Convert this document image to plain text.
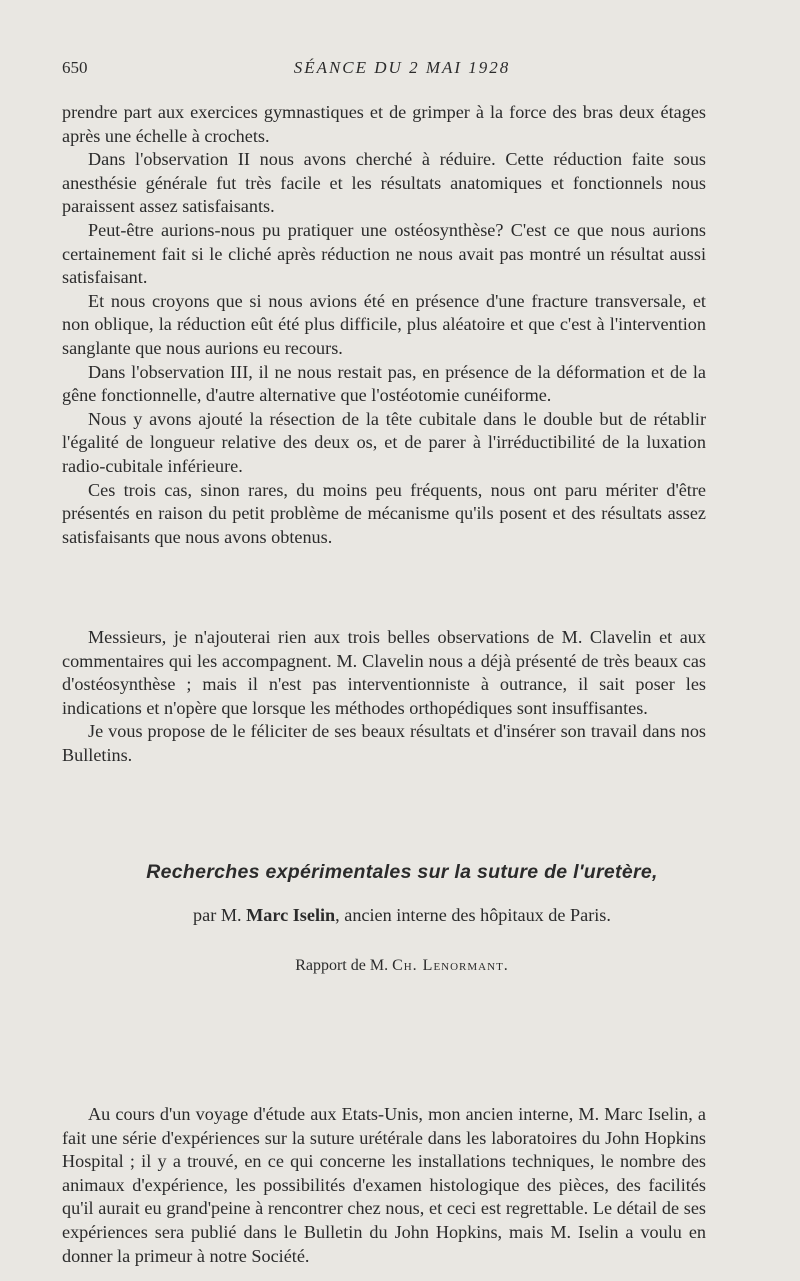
650	SÉANCE DU 2 MAI 1928

prendre part aux exercices gymnastiques et de grimper à la force des bras deux étages après une échelle à crochets.

Dans l'observation II nous avons cherché à réduire. Cette réduction faite sous anesthésie générale fut très facile et les résultats anatomiques et fonctionnels nous paraissent assez satisfaisants.

Peut-être aurions-nous pu pratiquer une ostéosynthèse? C'est ce que nous aurions certainement fait si le cliché après réduction ne nous avait pas montré un résultat aussi satisfaisant.

Et nous croyons que si nous avions été en présence d'une fracture transversale, et non oblique, la réduction eût été plus difficile, plus aléatoire et que c'est à l'intervention sanglante que nous aurions eu recours.

Dans l'observation III, il ne nous restait pas, en présence de la déformation et de la gêne fonctionnelle, d'autre alternative que l'ostéotomie cunéiforme.

Nous y avons ajouté la résection de la tête cubitale dans le double but de rétablir l'égalité de longueur relative des deux os, et de parer à l'irréductibilité de la luxation radio-cubitale inférieure.

Ces trois cas, sinon rares, du moins peu fréquents, nous ont paru mériter d'être présentés en raison du petit problème de mécanisme qu'ils posent et des résultats assez satisfaisants que nous avons obtenus.

Messieurs, je n'ajouterai rien aux trois belles observations de M. Clavelin et aux commentaires qui les accompagnent. M. Clavelin nous a déjà présenté de très beaux cas d'ostéosynthèse ; mais il n'est pas interventionniste à outrance, il sait poser les indications et n'opère que lorsque les méthodes orthopédiques sont insuffisantes.

Je vous propose de le féliciter de ses beaux résultats et d'insérer son travail dans nos Bulletins.

Recherches expérimentales sur la suture de l'uretère,
par M. Marc Iselin, ancien interne des hôpitaux de Paris.
Rapport de M. Ch. Lenormant.

Au cours d'un voyage d'étude aux Etats-Unis, mon ancien interne, M. Marc Iselin, a fait une série d'expériences sur la suture urétérale dans les laboratoires du John Hopkins Hospital ; il y a trouvé, en ce qui concerne les installations techniques, le nombre des animaux d'expérience, les possibilités d'examen histologique des pièces, des facilités qu'il aurait eu grand'peine à rencontrer chez nous, et ceci est regrettable. Le détail de ses expériences sera publié dans le Bulletin du John Hopkins, mais M. Iselin a voulu en donner la primeur à notre Société.
